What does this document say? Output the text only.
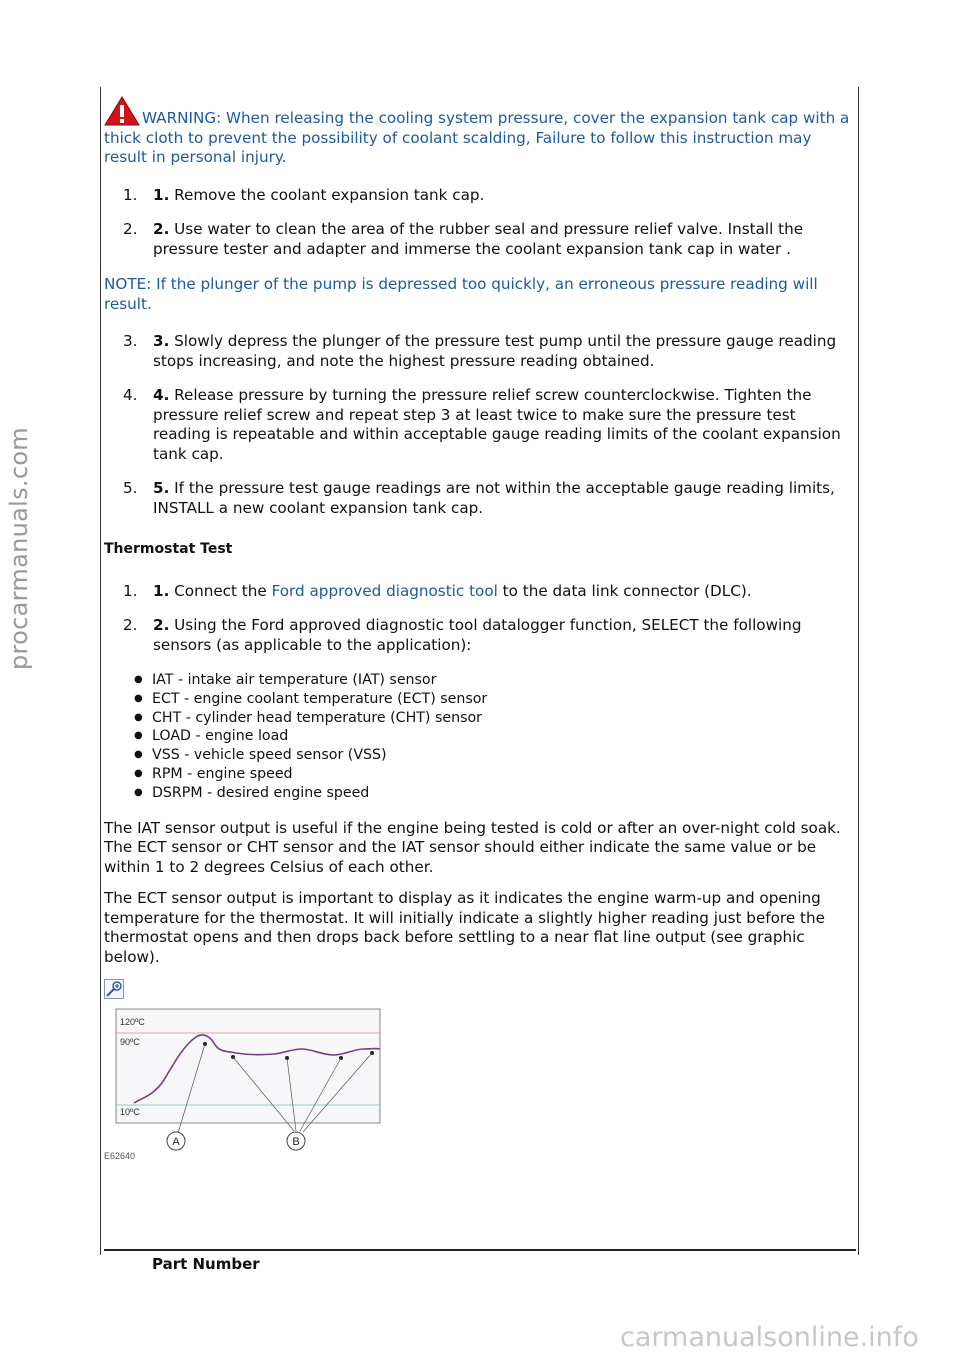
WARNING: When releasing the cooling system pressure, cover the expansion tank cap with a thick cloth to prevent the possibility of coolant scalding, Failure to follow this instruction may result in personal injury.

1. 1. Remove the coolant expansion tank cap.
2. 2. Use water to clean the area of the rubber seal and pressure relief valve. Install the pressure tester and adapter and immerse the coolant expansion tank cap in water .

NOTE: If the plunger of the pump is depressed too quickly, an erroneous pressure reading will result.

3. 3. Slowly depress the plunger of the pressure test pump until the pressure gauge reading stops increasing, and note the highest pressure reading obtained.
4. 4. Release pressure by turning the pressure relief screw counterclockwise. Tighten the pressure relief screw and repeat step 3 at least twice to make sure the pressure test reading is repeatable and within acceptable gauge reading limits of the coolant expansion tank cap.
5. 5. If the pressure test gauge readings are not within the acceptable gauge reading limits, INSTALL a new coolant expansion tank cap.
Thermostat Test
1. 1. Connect the Ford approved diagnostic tool to the data link connector (DLC).
2. 2. Using the Ford approved diagnostic tool datalogger function, SELECT the following sensors (as applicable to the application):
● IAT - intake air temperature (IAT) sensor
● ECT - engine coolant temperature (ECT) sensor
● CHT - cylinder head temperature (CHT) sensor
● LOAD - engine load
● VSS - vehicle speed sensor (VSS)
● RPM - engine speed
● DSRPM - desired engine speed

The IAT sensor output is useful if the engine being tested is cold or after an over-night cold soak. The ECT sensor or CHT sensor and the IAT sensor should either indicate the same value or be within 1 to 2 degrees Celsius of each other.

The ECT sensor output is important to display as it indicates the engine warm-up and opening temperature for the thermostat. It will initially indicate a slightly higher reading just before the thermostat opens and then drops back before settling to a near flat line output (see graphic below).

120ºC
90ºC
10ºC
A	B
E62640
Part Number
procarmanuals.com
carmanualsonline.info
